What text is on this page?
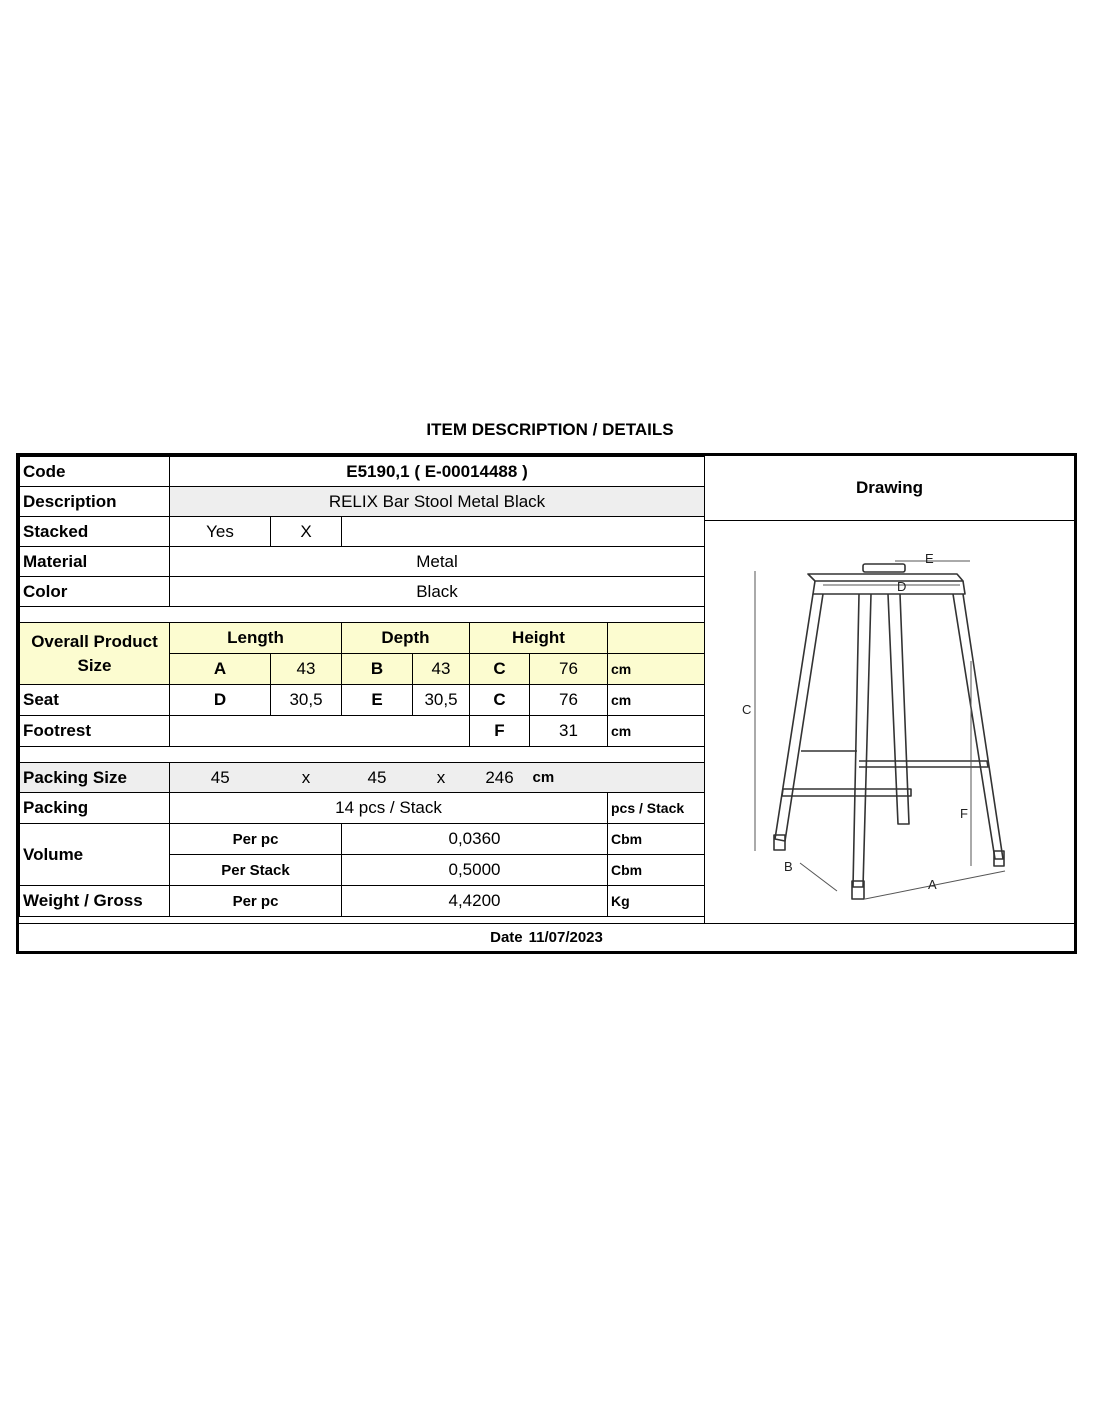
ITEM DESCRIPTION / DETAILS
Code	E5190,1 ( E-00014488 )						
Description	RELIX Bar Stool Metal Black						
Stacked	Yes	X					
Material	Metal						
Color	Black						

Overall Product Size	Length		Depth		Height		
	A	43	B	43	C	76	cm
Seat	D	30,5	E	30,5	C	76	cm
Footrest					F	31	cm

Packing Size	45	x	45	x	246	cm	
Packing	14 pcs / Stack						pcs / Stack
Volume	Per pc		0,0360				Cbm
	Per Stack		0,5000				Cbm
Weight / Gross	Per pc		4,4200				Kg
Drawing
C
F
B
A
D
E
Date 11/07/2023
